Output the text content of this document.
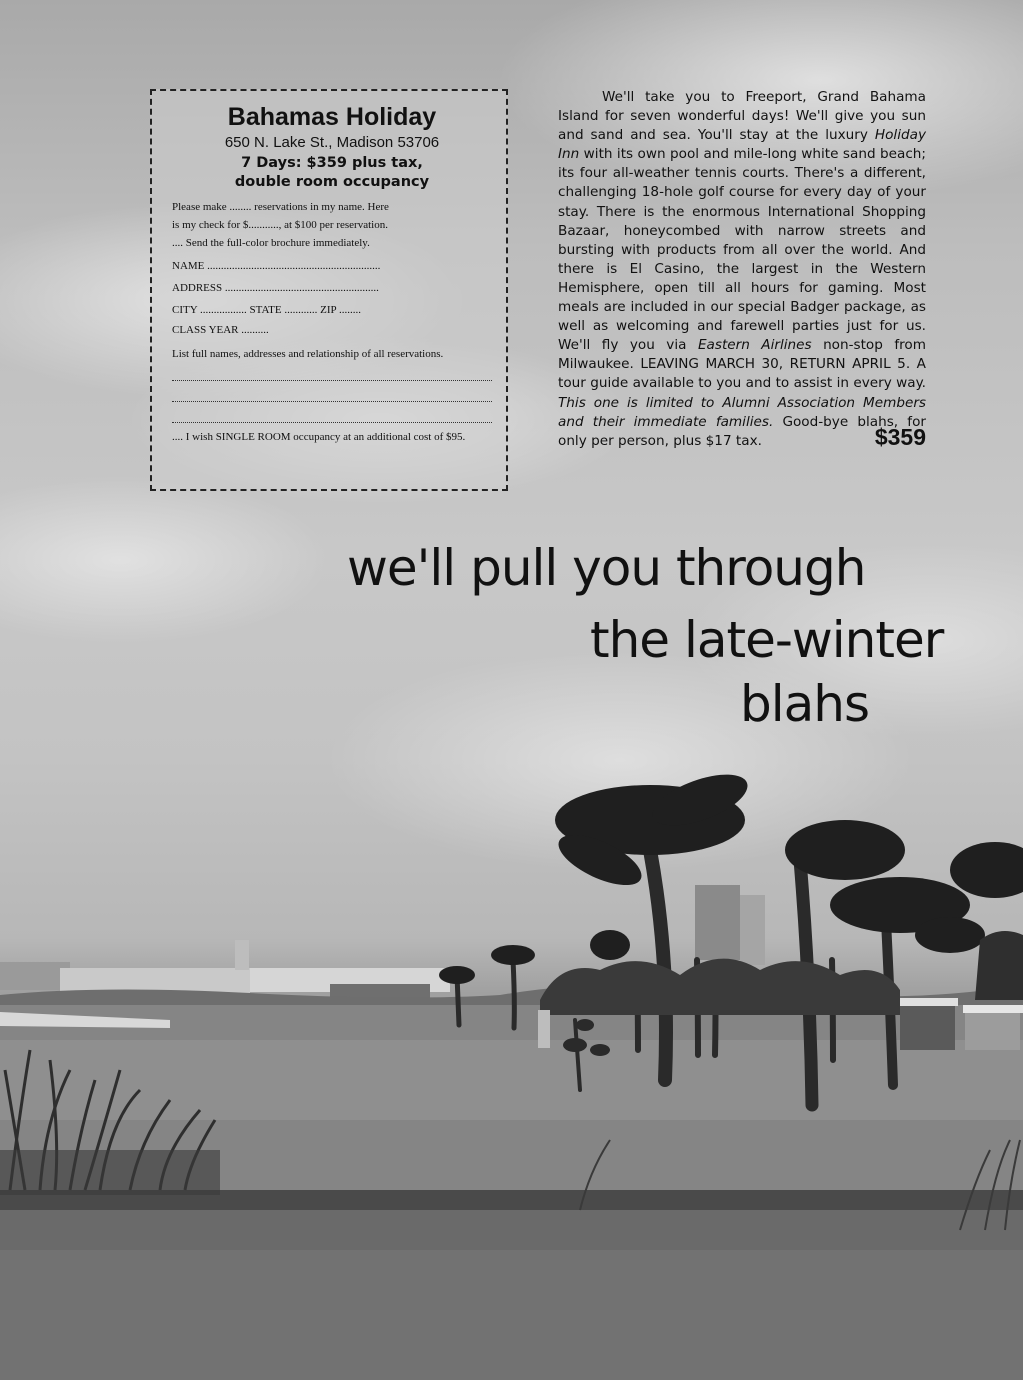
Bahamas Holiday
650 N. Lake St., Madison 53706
7 Days: $359 plus tax,
double room occupancy
Please make ........ reservations in my name. Here
is my check for $..........., at $100 per reservation.
.... Send the full-color brochure immediately.
NAME ...............................................................
ADDRESS ........................................................
CITY ................. STATE ............ ZIP ........
CLASS YEAR ..........
List full names, addresses and relationship of all reservations.
.... I wish SINGLE ROOM occupancy at an additional cost of $95.

We'll take you to Freeport, Grand Bahama Island for seven wonderful days! We'll give you sun and sand and sea. You'll stay at the luxury Holiday Inn with its own pool and mile-long white sand beach; its four all-weather tennis courts. There's a different, challenging 18-hole golf course for every day of your stay. There is the enormous International Shopping Bazaar, honeycombed with narrow streets and bursting with products from all over the world. And there is El Casino, the largest in the Western Hemisphere, open till all hours for gaming. Most meals are included in our special Badger package, as well as welcoming and farewell parties just for us. We'll fly you via Eastern Airlines non-stop from Milwaukee. LEAVING MARCH 30, RETURN APRIL 5. A tour guide available to you and to assist in every way. This one is limited to Alumni Association Members and their immediate families. Good-bye blahs, for only	$359
per person, plus $17 tax.

we'll pull you through
the late-winter
blahs
